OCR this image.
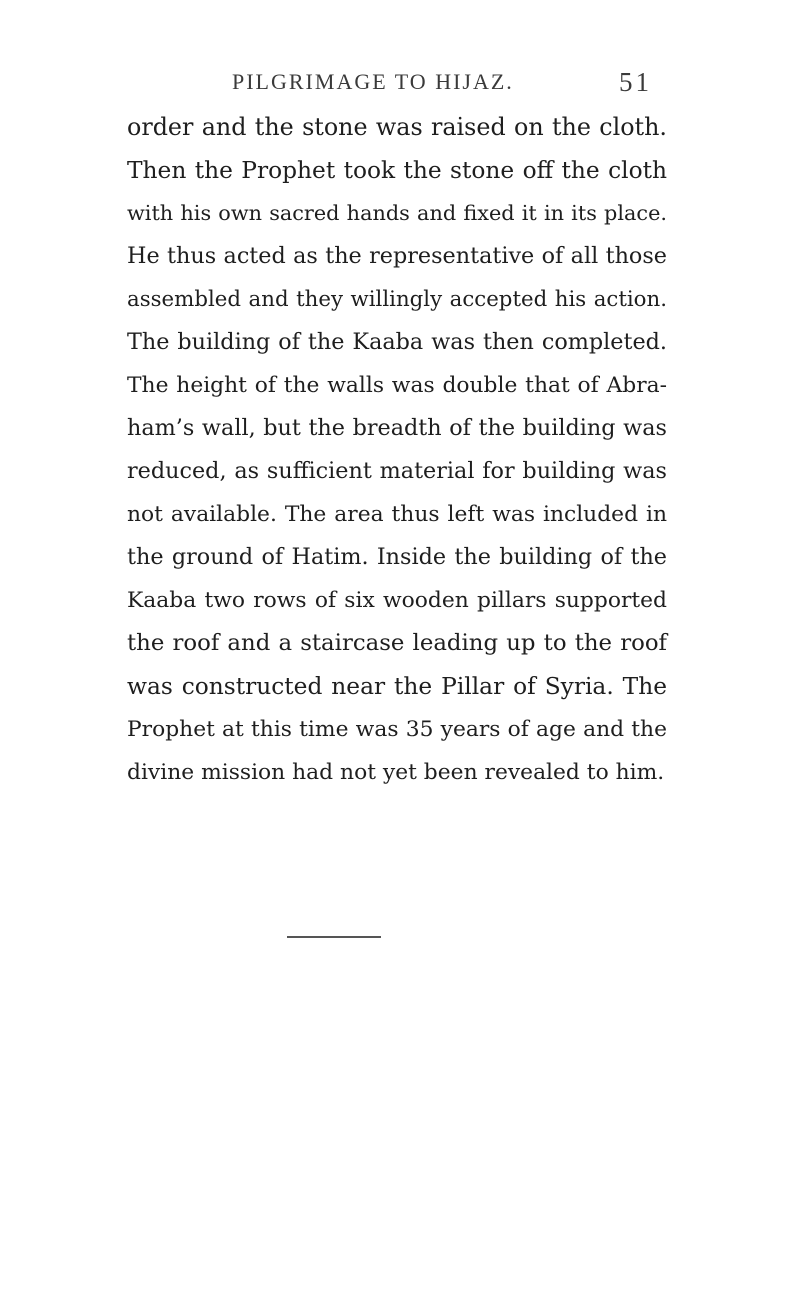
PILGRIMAGE TO HIJAZ.	51
order and the stone was raised on the cloth.
Then the Prophet took the stone off the cloth
with his own sacred hands and fixed it in its place.
He thus acted as the representative of all those
assembled and they willingly accepted his action.
The building of the Kaaba was then completed.
The height of the walls was double that of Abra-
ham’s wall, but the breadth of the building was
reduced, as sufficient material for building was
not available. The area thus left was included in
the ground of Hatim. Inside the building of the
Kaaba two rows of six wooden pillars supported
the roof and a staircase leading up to the roof
was constructed near the Pillar of Syria. The
Prophet at this time was 35 years of age and the
divine mission had not yet been revealed to him.
